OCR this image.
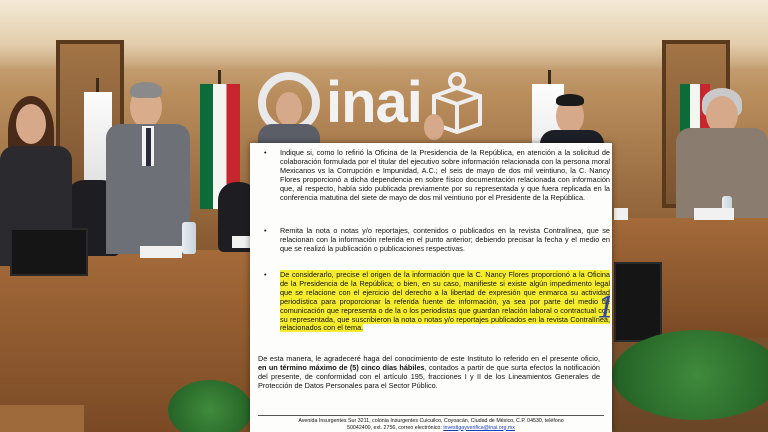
inai
• Indique si, como lo refirió la Oficina de la Presidencia de la República, en atención a la solicitud de colaboración formulada por el titular del ejecutivo sobre información relacionada con la persona moral Mexicanos vs la Corrupción e Impunidad, A.C.; el seis de mayo de dos mil veintiuno, la C. Nancy Flores proporcionó a dicha dependencia en sobre físico documentación relacionada con información que, al respecto, había sido publicada previamente por su representada y que fuera replicada en la conferencia matutina del siete de mayo de dos mil veintiuno por el Presidente de la República.
• Remita la nota o notas y/o reportajes, contenidos o publicados en la revista Contralínea, que se relacionan con la información referida en el punto anterior; debiendo precisar la fecha y el medio en que se realizó la publicación o publicaciones respectivas.
• De considerarlo, precise el origen de la información que la C. Nancy Flores proporcionó a la Oficina de la Presidencia de la República; o bien, en su caso, manifieste si existe algún impedimento legal que se relacione con el ejercicio del derecho a la libertad de expresión que enmarca su actividad periodística para proporcionar la referida fuente de información, ya sea por parte del medio de comunicación que representa o de la o los periodistas que guardan relación laboral o contractual con su representada, que suscribieron la nota o notas y/o reportajes publicados en la revista Contralínea, relacionados con el tema.

De esta manera, le agradeceré haga del conocimiento de este Instituto lo referido en el presente oficio, en un término máximo de (5) cinco días hábiles, contados a partir de que surta efectos la notificación del presente, de conformidad con el artículo 195, fracciones I y II de los Lineamientos Generales de Protección de Datos Personales para el Sector Público.

Avenida Insurgentes Sur 3211, colonia Insurgentes Cuicuilco, Coyoacán, Ciudad de México, C.P. 04530, teléfono
50042400, ext. 2756, correo electrónico: investigayverifica@inai.org.mx
1
